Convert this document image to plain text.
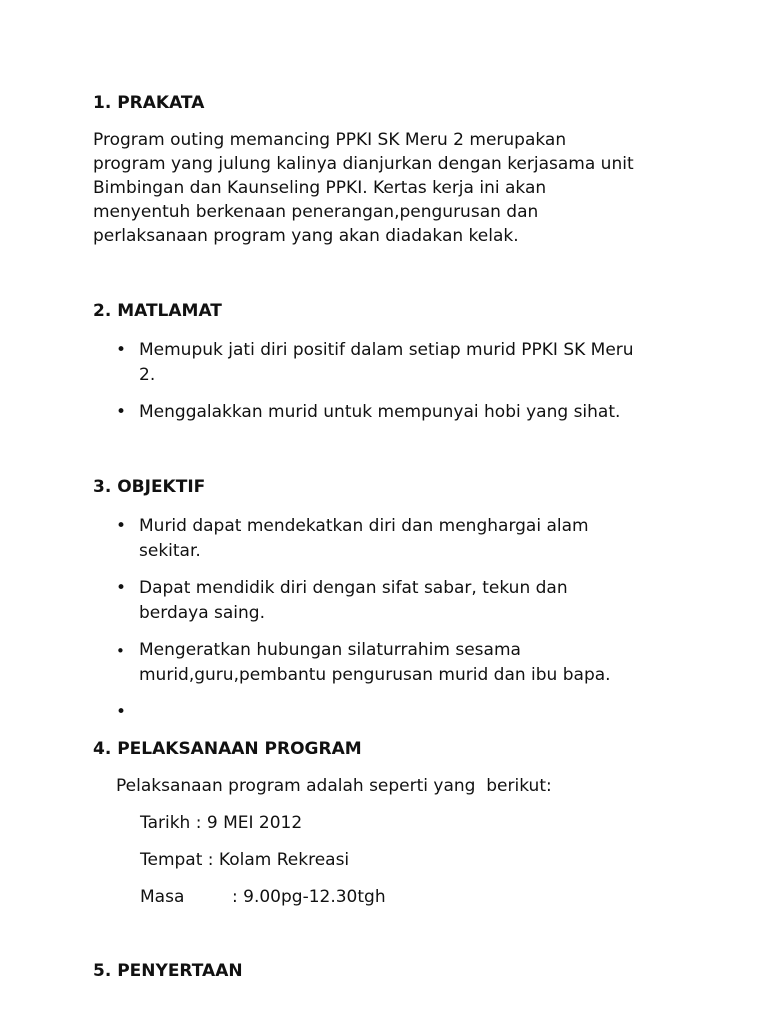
1. PRAKATA
Program outing memancing PPKI SK Meru 2 merupakan
program yang julung kalinya dianjurkan dengan kerjasama unit
Bimbingan dan Kaunseling PPKI. Kertas kerja ini akan
menyentuh berkenaan penerangan,pengurusan dan
perlaksanaan program yang akan diadakan kelak.
2. MATLAMAT
• Memupuk jati diri positif dalam setiap murid PPKI SK Meru
2.
• Menggalakkan murid untuk mempunyai hobi yang sihat.
3. OBJEKTIF
• Murid dapat mendekatkan diri dan menghargai alam
sekitar.
• Dapat mendidik diri dengan sifat sabar, tekun dan
berdaya saing.
• Mengeratkan hubungan silaturrahim sesama
murid,guru,pembantu pengurusan murid dan ibu bapa.
•
4. PELAKSANAAN PROGRAM
Pelaksanaan program adalah seperti yang  berikut:
Tarikh : 9 MEI 2012
Tempat : Kolam Rekreasi
Masa	: 9.00pg-12.30tgh
5. PENYERTAAN
